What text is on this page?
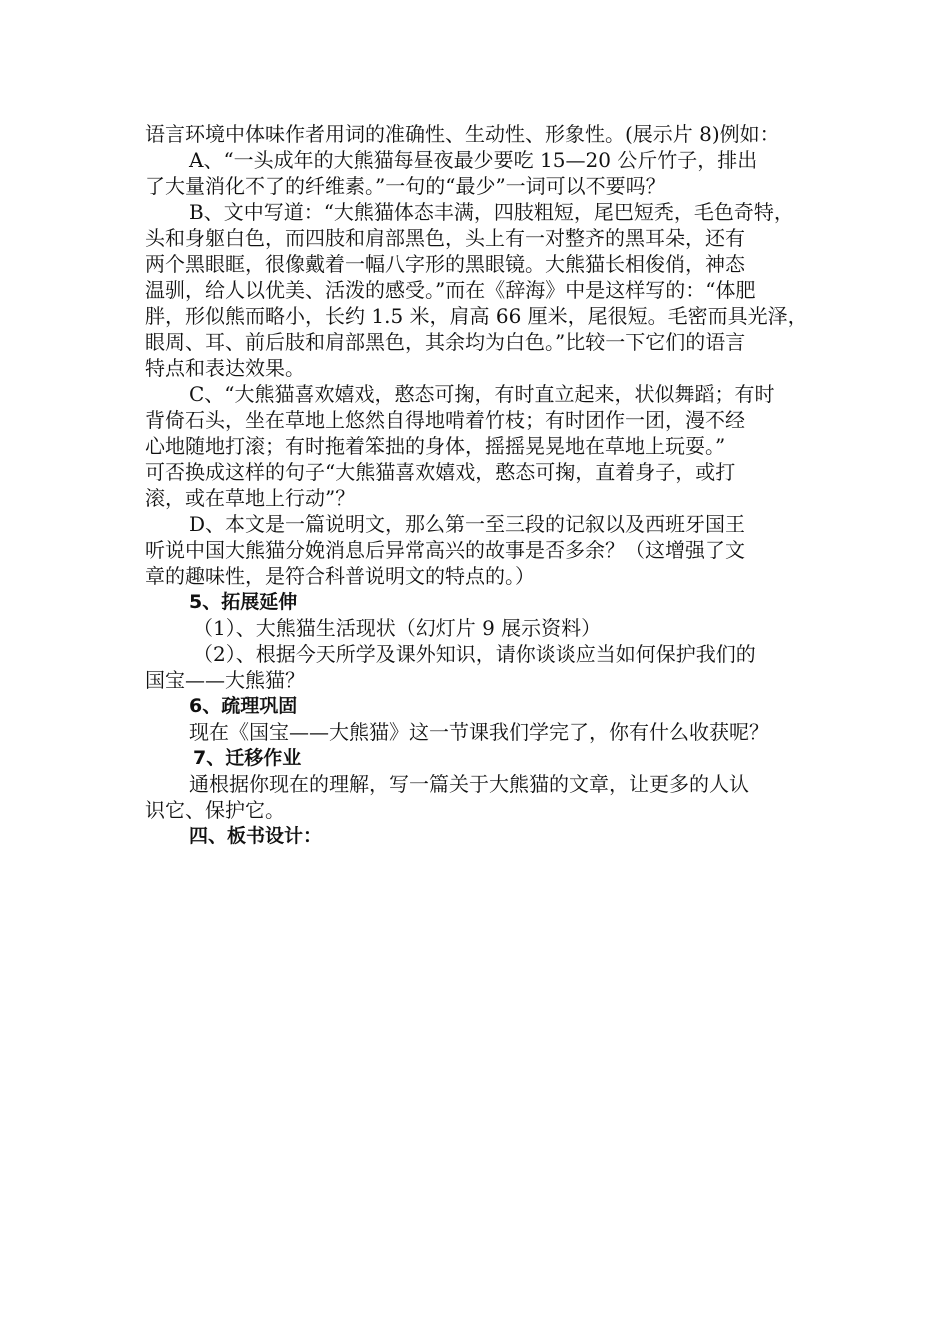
语言环境中体味作者用词的准确性、生动性、形象性。(展示片 8)例如：
A、“一头成年的大熊猫每昼夜最少要吃 15—20 公斤竹子，排出
了大量消化不了的纤维素。”一句的“最少”一词可以不要吗？
B、文中写道：“大熊猫体态丰满，四肢粗短，尾巴短秃，毛色奇特，
头和身躯白色，而四肢和肩部黑色，头上有一对整齐的黑耳朵，还有
两个黑眼眶，很像戴着一幅八字形的黑眼镜。大熊猫长相俊俏，神态
温驯，给人以优美、活泼的感受。”而在《辞海》中是这样写的：“体肥
胖，形似熊而略小，长约 1.5 米，肩高 66 厘米，尾很短。毛密而具光泽，
眼周、耳、前后肢和肩部黑色，其余均为白色。”比较一下它们的语言
特点和表达效果。
C、“大熊猫喜欢嬉戏，憨态可掬，有时直立起来，状似舞蹈；有时
背倚石头，坐在草地上悠然自得地啃着竹枝；有时团作一团，漫不经
心地随地打滚；有时拖着笨拙的身体，摇摇晃晃地在草地上玩耍。”
可否换成这样的句子“大熊猫喜欢嬉戏，憨态可掬，直着身子，或打
滚，或在草地上行动”？
D、本文是一篇说明文，那么第一至三段的记叙以及西班牙国王
听说中国大熊猫分娩消息后异常高兴的故事是否多余？（这增强了文
章的趣味性，是符合科普说明文的特点的。）
5、拓展延伸
（1）、大熊猫生活现状（幻灯片 9 展示资料）
（2）、根据今天所学及课外知识，请你谈谈应当如何保护我们的
国宝——大熊猫？
6、疏理巩固
现在《国宝——大熊猫》这一节课我们学完了，你有什么收获呢？
7、迁移作业
通根据你现在的理解，写一篇关于大熊猫的文章，让更多的人认
识它、保护它。
四、板书设计：
